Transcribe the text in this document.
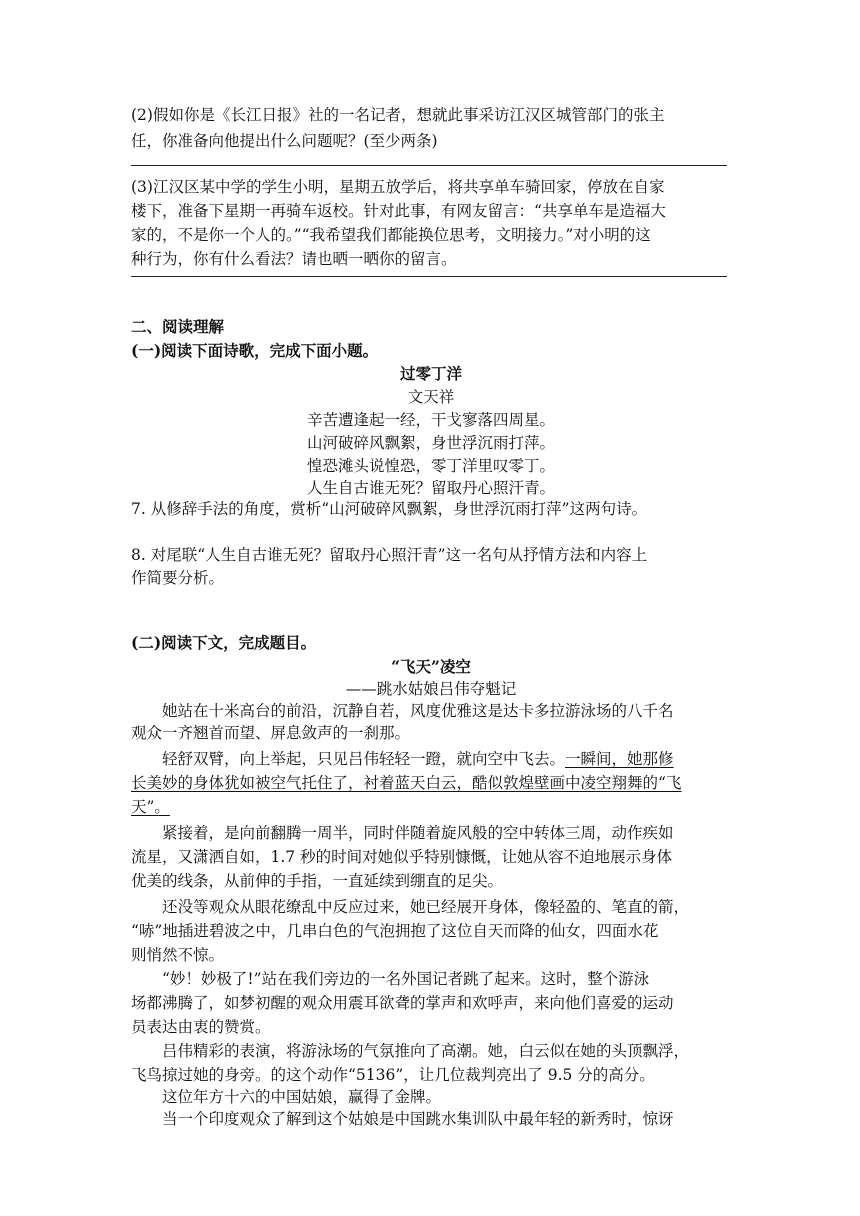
(2)假如你是《长江日报》社的一名记者，想就此事采访江汉区城管部门的张主
任，你准备向他提出什么问题呢？(至少两条)
(3)江汉区某中学的学生小明，星期五放学后，将共享单车骑回家，停放在自家
楼下，准备下星期一再骑车返校。针对此事，有网友留言：“共享单车是造福大
家的，不是你一个人的。”“我希望我们都能换位思考，文明接力。”对小明的这
种行为，你有什么看法？请也晒一晒你的留言。
二、阅读理解
(一)阅读下面诗歌，完成下面小题。
过零丁洋
文天祥
辛苦遭逢起一经，干戈寥落四周星。
山河破碎风飘絮，身世浮沉雨打萍。
惶恐滩头说惶恐，零丁洋里叹零丁。
人生自古谁无死？留取丹心照汗青。
7. 从修辞手法的角度，赏析“山河破碎风飘絮，身世浮沉雨打萍”这两句诗。
8. 对尾联“人生自古谁无死？留取丹心照汗青”这一名句从抒情方法和内容上
作简要分析。
(二)阅读下文，完成题目。
“飞天”凌空
——跳水姑娘吕伟夺魁记
她站在十米高台的前沿，沉静自若，风度优雅这是达卡多拉游泳场的八千名
观众一齐翘首而望、屏息敛声的一刹那。
轻舒双臂，向上举起，只见吕伟轻轻一蹬，就向空中飞去。一瞬间，她那修
长美妙的身体犹如被空气托住了，衬着蓝天白云，酷似敦煌壁画中凌空翔舞的“飞
天”。
紧接着，是向前翻腾一周半，同时伴随着旋风般的空中转体三周，动作疾如
流星，又潇洒自如，1.7 秒的时间对她似乎特别慷慨，让她从容不迫地展示身体
优美的线条，从前伸的手指，一直延续到绷直的足尖。
还没等观众从眼花缭乱中反应过来，她已经展开身体，像轻盈的、笔直的箭，
“哧”地插进碧波之中，几串白色的气泡拥抱了这位自天而降的仙女，四面水花
则悄然不惊。
“妙！妙极了!”站在我们旁边的一名外国记者跳了起来。这时，整个游泳
场都沸腾了，如梦初醒的观众用震耳欲聋的掌声和欢呼声，来向他们喜爱的运动
员表达由衷的赞赏。
吕伟精彩的表演，将游泳场的气氛推向了高潮。她，白云似在她的头顶飘浮，
飞鸟掠过她的身旁。的这个动作“5136”，让几位裁判亮出了 9.5 分的高分。
这位年方十六的中国姑娘，赢得了金牌。
当一个印度观众了解到这个姑娘是中国跳水集训队中最年轻的新秀时，惊讶
